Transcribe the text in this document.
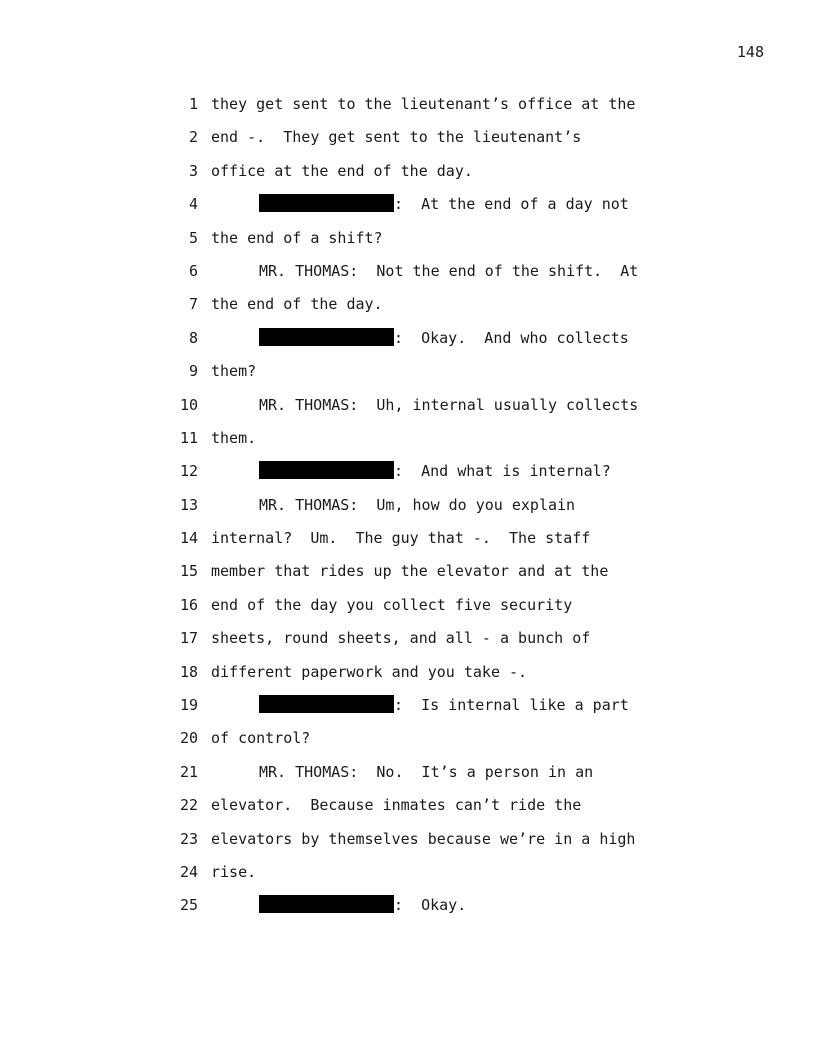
148
1 they get sent to the lieutenant’s office at the
2 end -.  They get sent to the lieutenant’s
3 office at the end of the day.
4	:  At the end of a day not
5 the end of a shift?
6	MR. THOMAS:  Not the end of the shift.  At
7 the end of the day.
8	:  Okay.  And who collects
9 them?
10	MR. THOMAS:  Uh, internal usually collects
11 them.
12	:  And what is internal?
13	MR. THOMAS:  Um, how do you explain
14 internal?  Um.  The guy that -.  The staff
15 member that rides up the elevator and at the
16 end of the day you collect five security
17 sheets, round sheets, and all - a bunch of
18 different paperwork and you take -.
19	:  Is internal like a part
20 of control?
21	MR. THOMAS:  No.  It’s a person in an
22 elevator.  Because inmates can’t ride the
23 elevators by themselves because we’re in a high
24 rise.
25	:  Okay.
